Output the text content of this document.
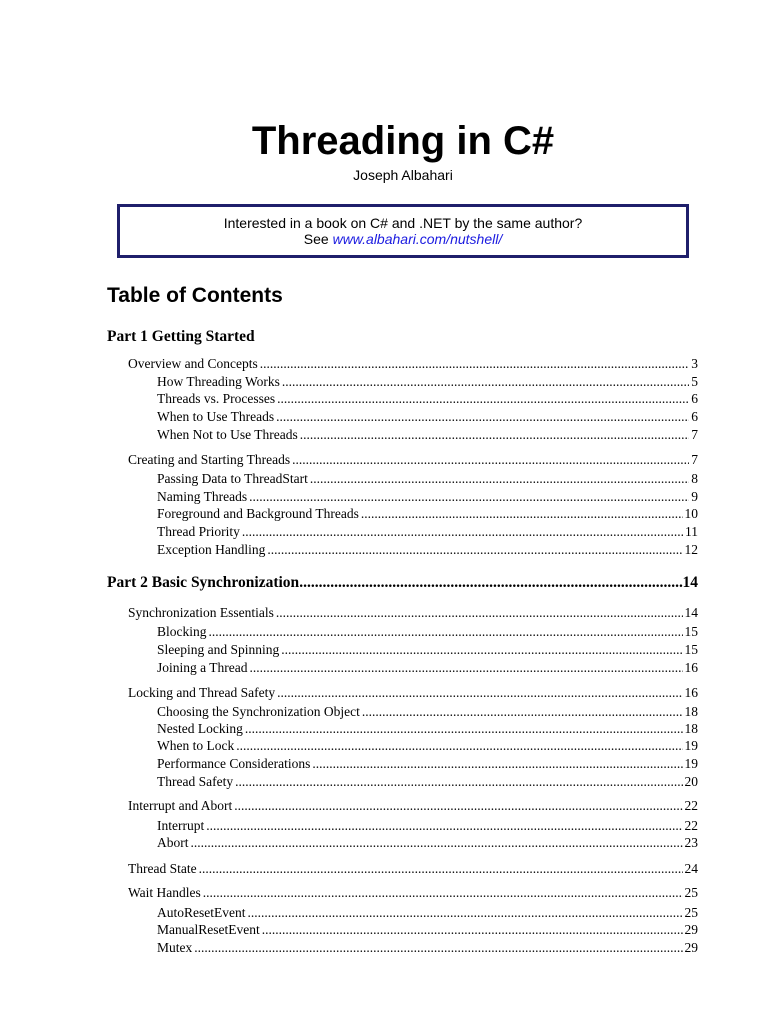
Threading in C#
Joseph Albahari
Interested in a book on C# and .NET by the same author?
See www.albahari.com/nutshell/
Table of Contents
Part 1 Getting Started
Overview and Concepts .....	3
How Threading Works .....	5
Threads vs. Processes .....	6
When to Use Threads .....	6
When Not to Use Threads .....	7
Creating and Starting Threads .....	7
Passing Data to ThreadStart .....	8
Naming Threads .....	9
Foreground and Background Threads .....	10
Thread Priority .....	11
Exception Handling .....	12
Part 2 Basic Synchronization .....	14
Synchronization Essentials .....	14
Blocking .....	15
Sleeping and Spinning .....	15
Joining a Thread .....	16
Locking and Thread Safety .....	16
Choosing the Synchronization Object .....	18
Nested Locking .....	18
When to Lock .....	19
Performance Considerations .....	19
Thread Safety .....	20
Interrupt and Abort .....	22
Interrupt .....	22
Abort .....	23
Thread State .....	24
Wait Handles .....	25
AutoResetEvent .....	25
ManualResetEvent .....	29
Mutex .....	29
